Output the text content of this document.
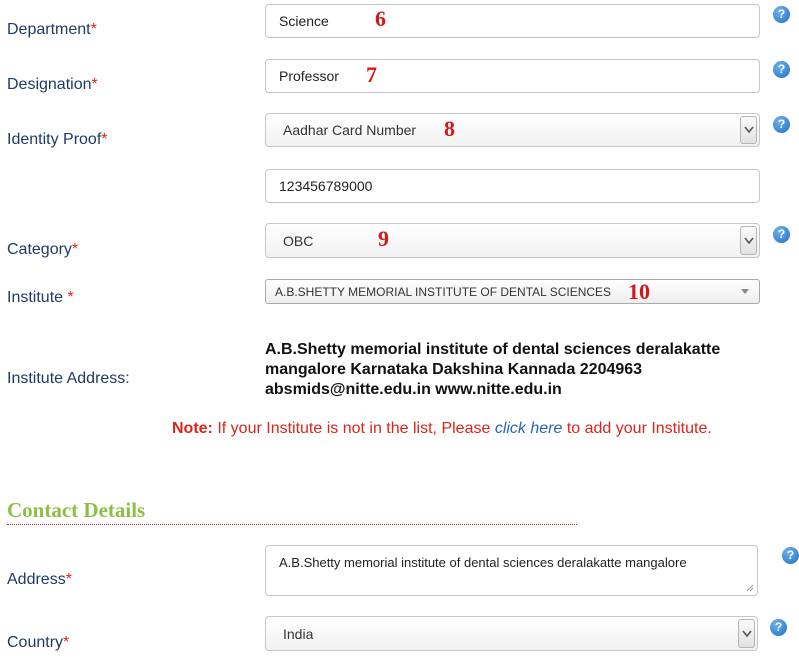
Department*	Science 6	?
Designation*	Professor 7	?
Identity Proof*
Aadhar Card Number 8	?
123456789000
Category*
OBC	9	?
Institute *	A.B.SHETTY MEMORIAL INSTITUTE OF DENTAL SCIENCES 10
Institute Address:
A.B.Shetty memorial institute of dental sciences deralakatte
mangalore Karnataka Dakshina Kannada 2204963
absmids@nitte.edu.in www.nitte.edu.in
Note: If your Institute is not in the list, Please click here to add your Institute.
Contact Details
Address*
A.B.Shetty memorial institute of dental sciences deralakatte mangalore	?
Country*
India	?
